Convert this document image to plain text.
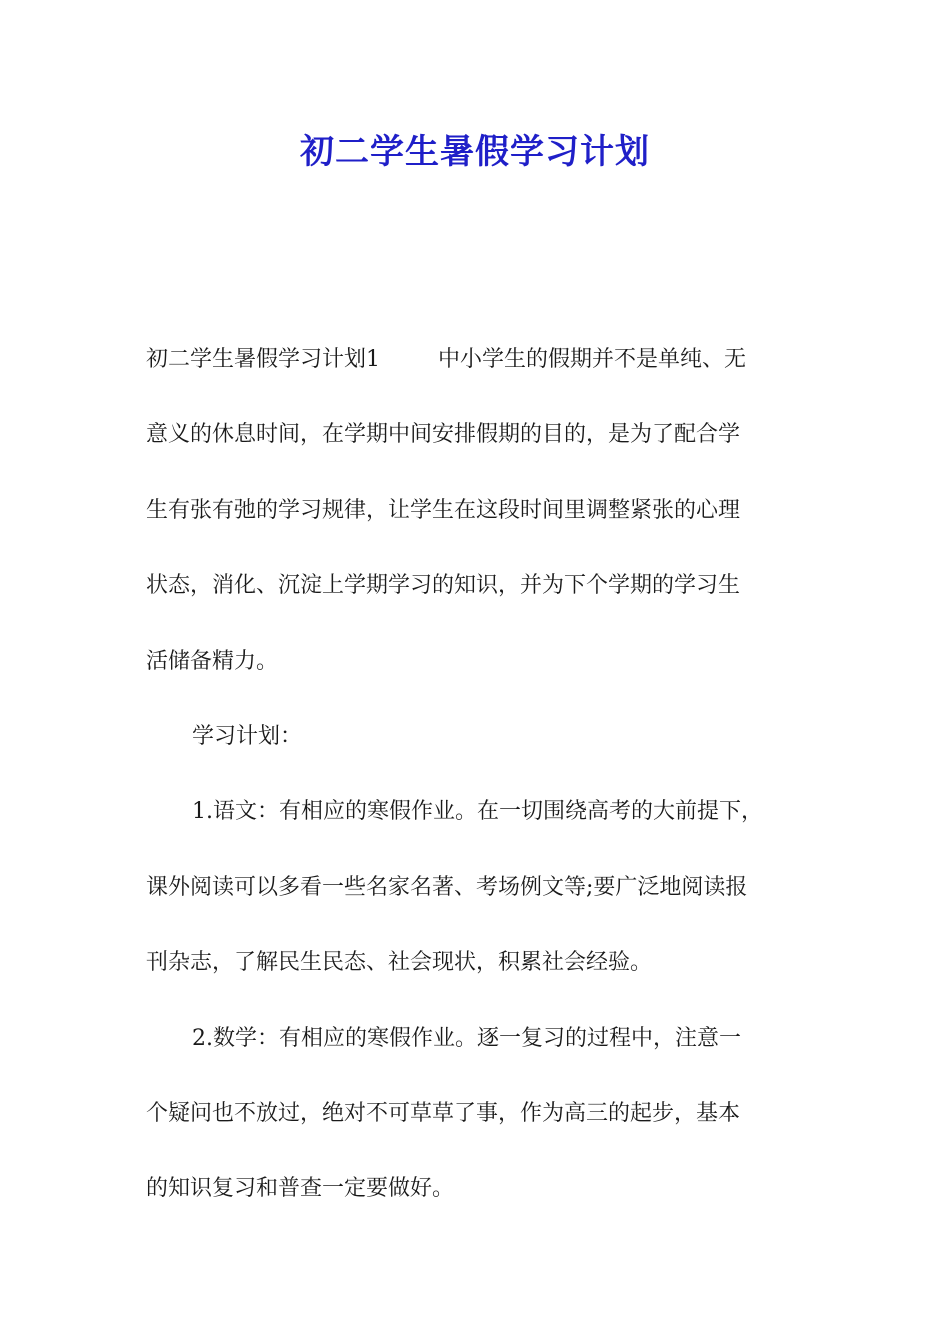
初二学生暑假学习计划
初二学生暑假学习计划1	中小学生的假期并不是单纯、无
意义的休息时间，在学期中间安排假期的目的，是为了配合学
生有张有弛的学习规律，让学生在这段时间里调整紧张的心理
状态，消化、沉淀上学期学习的知识，并为下个学期的学习生
活储备精力。
学习计划：
1.语文：有相应的寒假作业。在一切围绕高考的大前提下，
课外阅读可以多看一些名家名著、考场例文等;要广泛地阅读报
刊杂志，了解民生民态、社会现状，积累社会经验。
2.数学：有相应的寒假作业。逐一复习的过程中，注意一
个疑问也不放过，绝对不可草草了事，作为高三的起步，基本
的知识复习和普查一定要做好。
